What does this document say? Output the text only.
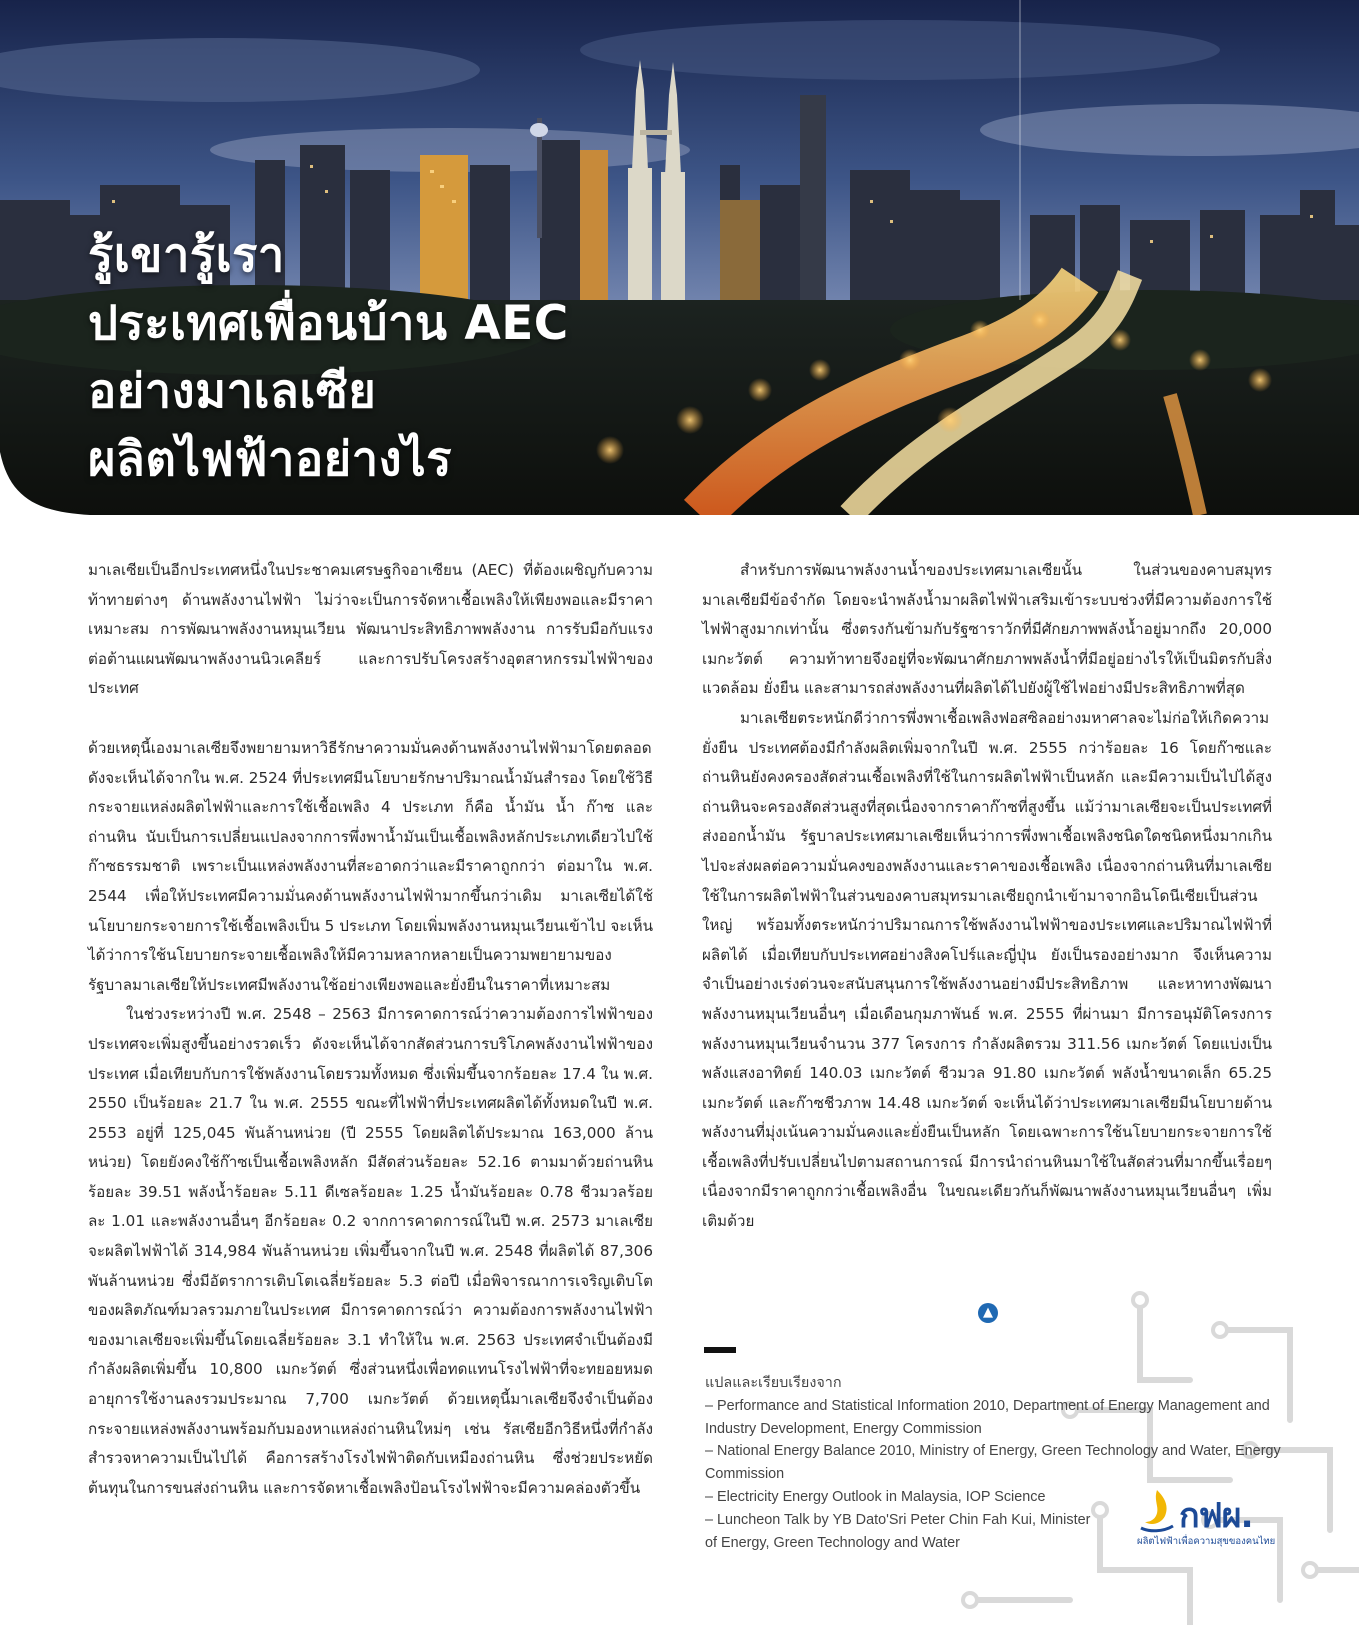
รู้เขารู้เรา
ประเทศเพื่อนบ้าน AEC
อย่างมาเลเซีย
ผลิตไฟฟ้าอย่างไร

มาเลเซียเป็นอีกประเทศหนึ่งในประชาคมเศรษฐกิจอาเซียน (AEC) ที่ต้องเผชิญกับความท้าทายต่างๆ ด้านพลังงานไฟฟ้า ไม่ว่าจะเป็นการจัดหาเชื้อเพลิงให้เพียงพอและมีราคาเหมาะสม การพัฒนาพลังงานหมุนเวียน พัฒนาประสิทธิภาพพลังงาน การรับมือกับแรงต่อต้านแผนพัฒนาพลังงานนิวเคลียร์ และการปรับโครงสร้างอุตสาหกรรมไฟฟ้าของประเทศ

ด้วยเหตุนี้เองมาเลเซียจึงพยายามหาวิธีรักษาความมั่นคงด้านพลังงานไฟฟ้ามาโดยตลอด ดังจะเห็นได้จากใน พ.ศ. 2524 ที่ประเทศมีนโยบายรักษาปริมาณน้ำมันสำรอง โดยใช้วิธีกระจายแหล่งผลิตไฟฟ้าและการใช้เชื้อเพลิง 4 ประเภท ก็คือ น้ำมัน น้ำ ก๊าซ และถ่านหิน นับเป็นการเปลี่ยนแปลงจากการพึ่งพาน้ำมันเป็นเชื้อเพลิงหลักประเภทเดียวไปใช้ก๊าซธรรมชาติ เพราะเป็นแหล่งพลังงานที่สะอาดกว่าและมีราคาถูกกว่า ต่อมาใน พ.ศ. 2544 เพื่อให้ประเทศมีความมั่นคงด้านพลังงานไฟฟ้ามากขึ้นกว่าเดิม มาเลเซียได้ใช้นโยบายกระจายการใช้เชื้อเพลิงเป็น 5 ประเภท โดยเพิ่มพลังงานหมุนเวียนเข้าไป จะเห็นได้ว่าการใช้นโยบายกระจายเชื้อเพลิงให้มีความหลากหลายเป็นความพยายามของรัฐบาลมาเลเซียให้ประเทศมีพลังงานใช้อย่างเพียงพอและยั่งยืนในราคาที่เหมาะสม

ในช่วงระหว่างปี พ.ศ. 2548 – 2563 มีการคาดการณ์ว่าความต้องการไฟฟ้าของประเทศจะเพิ่มสูงขึ้นอย่างรวดเร็ว ดังจะเห็นได้จากสัดส่วนการบริโภคพลังงานไฟฟ้าของประเทศ เมื่อเทียบกับการใช้พลังงานโดยรวมทั้งหมด ซึ่งเพิ่มขึ้นจากร้อยละ 17.4 ใน พ.ศ. 2550 เป็นร้อยละ 21.7 ใน พ.ศ. 2555 ขณะที่ไฟฟ้าที่ประเทศผลิตได้ทั้งหมดในปี พ.ศ. 2553 อยู่ที่ 125,045 พันล้านหน่วย (ปี 2555 โดยผลิตได้ประมาณ 163,000 ล้านหน่วย) โดยยังคงใช้ก๊าซเป็นเชื้อเพลิงหลัก มีสัดส่วนร้อยละ 52.16 ตามมาด้วยถ่านหินร้อยละ 39.51 พลังน้ำร้อยละ 5.11 ดีเซลร้อยละ 1.25 น้ำมันร้อยละ 0.78 ชีวมวลร้อยละ 1.01 และพลังงานอื่นๆ อีกร้อยละ 0.2 จากการคาดการณ์ในปี พ.ศ. 2573 มาเลเซียจะผลิตไฟฟ้าได้ 314,984 พันล้านหน่วย เพิ่มขึ้นจากในปี พ.ศ. 2548 ที่ผลิตได้ 87,306 พันล้านหน่วย ซึ่งมีอัตราการเติบโตเฉลี่ยร้อยละ 5.3 ต่อปี เมื่อพิจารณาการเจริญเติบโตของผลิตภัณฑ์มวลรวมภายในประเทศ มีการคาดการณ์ว่า ความต้องการพลังงานไฟฟ้าของมาเลเซียจะเพิ่มขึ้นโดยเฉลี่ยร้อยละ 3.1 ทำให้ใน พ.ศ. 2563 ประเทศจำเป็นต้องมีกำลังผลิตเพิ่มขึ้น 10,800 เมกะวัตต์ ซึ่งส่วนหนึ่งเพื่อทดแทนโรงไฟฟ้าที่จะทยอยหมดอายุการใช้งานลงรวมประมาณ 7,700 เมกะวัตต์ ด้วยเหตุนี้มาเลเซียจึงจำเป็นต้องกระจายแหล่งพลังงานพร้อมกับมองหาแหล่งถ่านหินใหม่ๆ เช่น รัสเซียอีกวิธีหนึ่งที่กำลังสำรวจหาความเป็นไปได้ คือการสร้างโรงไฟฟ้าติดกับเหมืองถ่านหิน ซึ่งช่วยประหยัดต้นทุนในการขนส่งถ่านหิน และการจัดหาเชื้อเพลิงป้อนโรงไฟฟ้าจะมีความคล่องตัวขึ้น

สำหรับการพัฒนาพลังงานน้ำของประเทศมาเลเซียนั้น ในส่วนของคาบสมุทรมาเลเซียมีข้อจำกัด โดยจะนำพลังน้ำมาผลิตไฟฟ้าเสริมเข้าระบบช่วงที่มีความต้องการใช้ไฟฟ้าสูงมากเท่านั้น ซึ่งตรงกันข้ามกับรัฐซาราวักที่มีศักยภาพพลังน้ำอยู่มากถึง 20,000 เมกะวัตต์ ความท้าทายจึงอยู่ที่จะพัฒนาศักยภาพพลังน้ำที่มีอยู่อย่างไรให้เป็นมิตรกับสิ่งแวดล้อม ยั่งยืน และสามารถส่งพลังงานที่ผลิตได้ไปยังผู้ใช้ไฟอย่างมีประสิทธิภาพที่สุด

มาเลเซียตระหนักดีว่าการพึ่งพาเชื้อเพลิงฟอสซิลอย่างมหาศาลจะไม่ก่อให้เกิดความยั่งยืน ประเทศต้องมีกำลังผลิตเพิ่มจากในปี พ.ศ. 2555 กว่าร้อยละ 16 โดยก๊าซและถ่านหินยังคงครองสัดส่วนเชื้อเพลิงที่ใช้ในการผลิตไฟฟ้าเป็นหลัก และมีความเป็นไปได้สูง ถ่านหินจะครองสัดส่วนสูงที่สุดเนื่องจากราคาก๊าซที่สูงขึ้น แม้ว่ามาเลเซียจะเป็นประเทศที่ส่งออกน้ำมัน รัฐบาลประเทศมาเลเซียเห็นว่าการพึ่งพาเชื้อเพลิงชนิดใดชนิดหนึ่งมากเกินไปจะส่งผลต่อความมั่นคงของพลังงานและราคาของเชื้อเพลิง เนื่องจากถ่านหินที่มาเลเซียใช้ในการผลิตไฟฟ้าในส่วนของคาบสมุทรมาเลเซียถูกนำเข้ามาจากอินโดนีเซียเป็นส่วนใหญ่ พร้อมทั้งตระหนักว่าปริมาณการใช้พลังงานไฟฟ้าของประเทศและปริมาณไฟฟ้าที่ผลิตได้ เมื่อเทียบกับประเทศอย่างสิงคโปร์และญี่ปุ่น ยังเป็นรองอย่างมาก จึงเห็นความจำเป็นอย่างเร่งด่วนจะสนับสนุนการใช้พลังงานอย่างมีประสิทธิภาพ และหาทางพัฒนาพลังงานหมุนเวียนอื่นๆ เมื่อเดือนกุมภาพันธ์ พ.ศ. 2555 ที่ผ่านมา มีการอนุมัติโครงการพลังงานหมุนเวียนจำนวน 377 โครงการ กำลังผลิตรวม 311.56 เมกะวัตต์ โดยแบ่งเป็นพลังแสงอาทิตย์ 140.03 เมกะวัตต์ ชีวมวล 91.80 เมกะวัตต์ พลังน้ำขนาดเล็ก 65.25 เมกะวัตต์ และก๊าซชีวภาพ 14.48 เมกะวัตต์ จะเห็นได้ว่าประเทศมาเลเซียมีนโยบายด้านพลังงานที่มุ่งเน้นความมั่นคงและยั่งยืนเป็นหลัก โดยเฉพาะการใช้นโยบายกระจายการใช้เชื้อเพลิงที่ปรับเปลี่ยนไปตามสถานการณ์ มีการนำถ่านหินมาใช้ในสัดส่วนที่มากขึ้นเรื่อยๆ เนื่องจากมีราคาถูกกว่าเชื้อเพลิงอื่น ในขณะเดียวกันก็พัฒนาพลังงานหมุนเวียนอื่นๆ เพิ่มเติมด้วย

▲

แปลและเรียบเรียงจาก

– Performance and Statistical Information 2010, Department of Energy Management and Industry Development, Energy Commission

– National Energy Balance 2010, Ministry of Energy, Green Technology and Water, Energy Commission

– Electricity Energy Outlook in Malaysia, IOP Science

– Luncheon Talk by YB Dato'Sri Peter Chin Fah Kui, Minister of Energy, Green Technology and Water

กฟผ.
ผลิตไฟฟ้าเพื่อความสุขของคนไทย
